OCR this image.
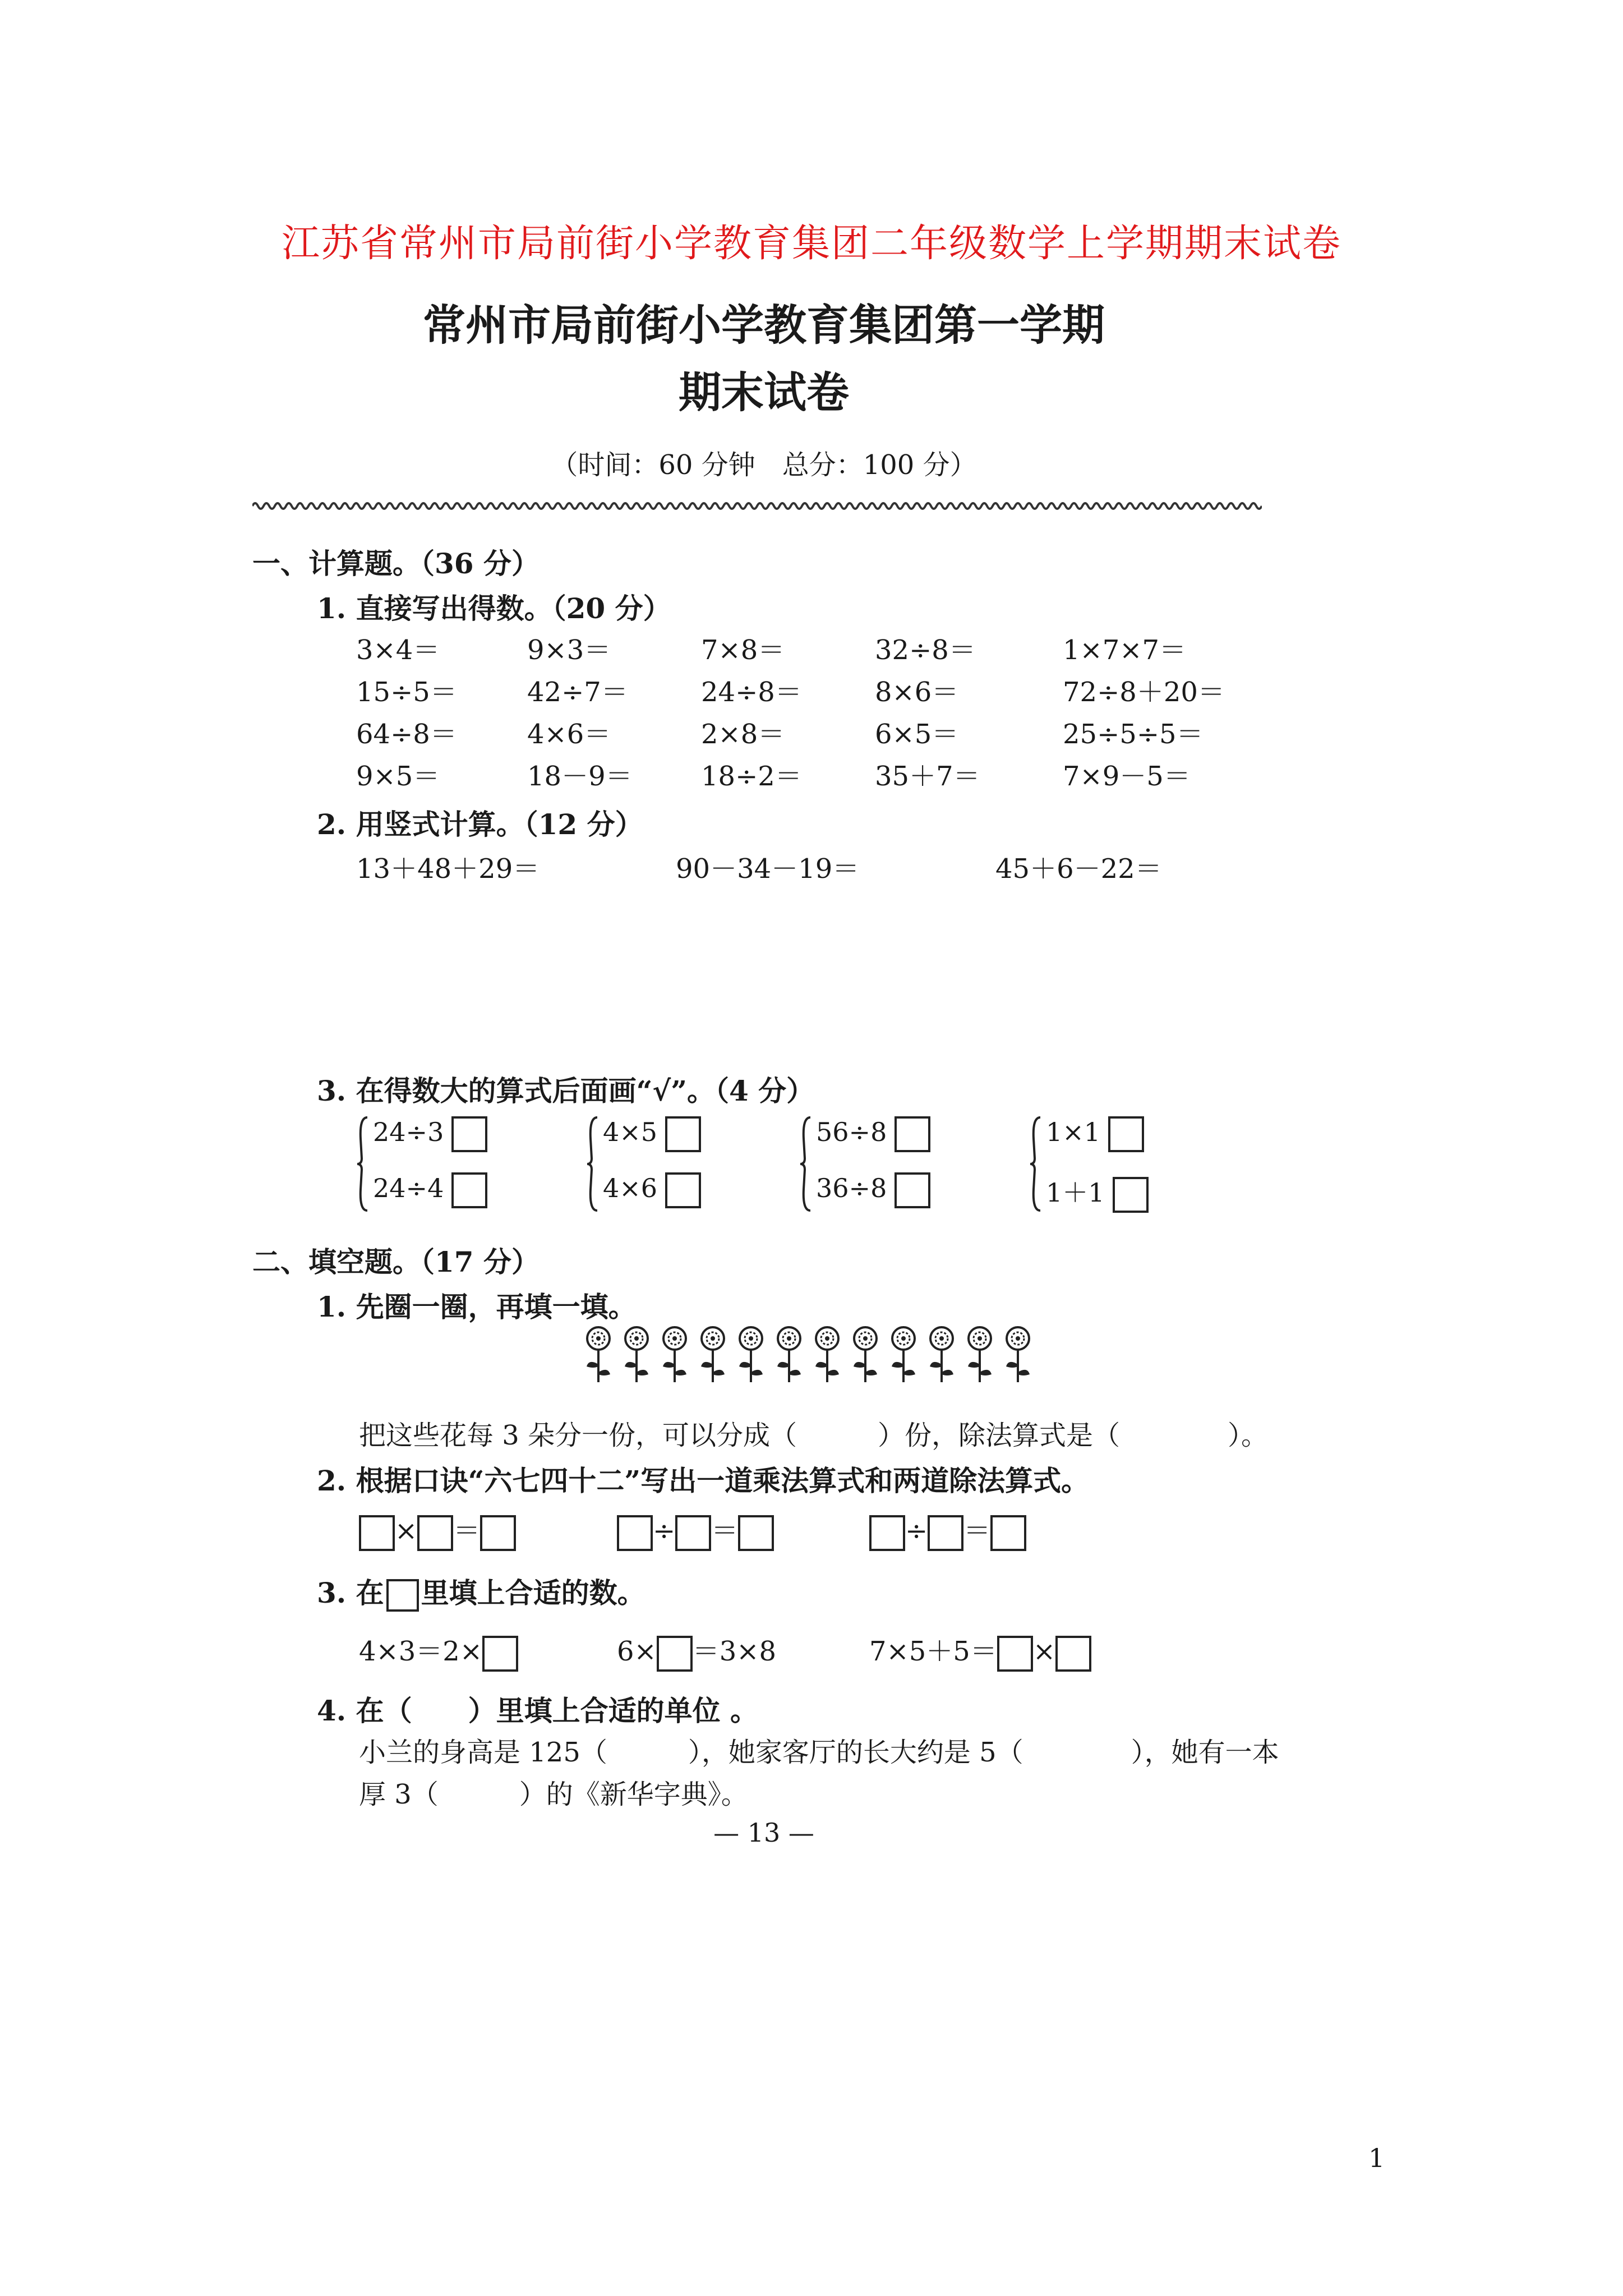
江苏省常州市局前街小学教育集团二年级数学上学期期末试卷
常州市局前街小学教育集团第一学期
期末试卷
（时间：60 分钟　总分：100 分）
一、计算题。（36 分）
1. 直接写出得数。（20 分）
3×4＝	9×3＝	7×8＝	32÷8＝	1×7×7＝
15÷5＝	42÷7＝	24÷8＝	8×6＝	72÷8＋20＝
64÷8＝	4×6＝	2×8＝	6×5＝	25÷5÷5＝
9×5＝	18－9＝	18÷2＝	35＋7＝	7×9－5＝
2. 用竖式计算。（12 分）
13＋48＋29＝	90－34－19＝	45＋6－22＝
3. 在得数大的算式后面画“√”。（4 分）
24÷3
24÷4
4×5
4×6
56÷8
36÷8
1×1
1＋1
二、填空题。（17 分）
1. 先圈一圈，再填一填。
把这些花每 3 朵分一份，可以分成（　　　）份，除法算式是（　　　　）。
2. 根据口诀“六七四十二”写出一道乘法算式和两道除法算式。
× ＝	÷ ＝	÷ ＝
3. 在 里填上合适的数。
4×3＝2×	6× ＝3×8	7×5＋5＝ ×
4. 在（　　）里填上合适的单位 。
小兰的身高是 125（　　　），她家客厅的长大约是 5（　　　　），她有一本
厚 3（　　　）的《新华字典》。
— 13 —
1
